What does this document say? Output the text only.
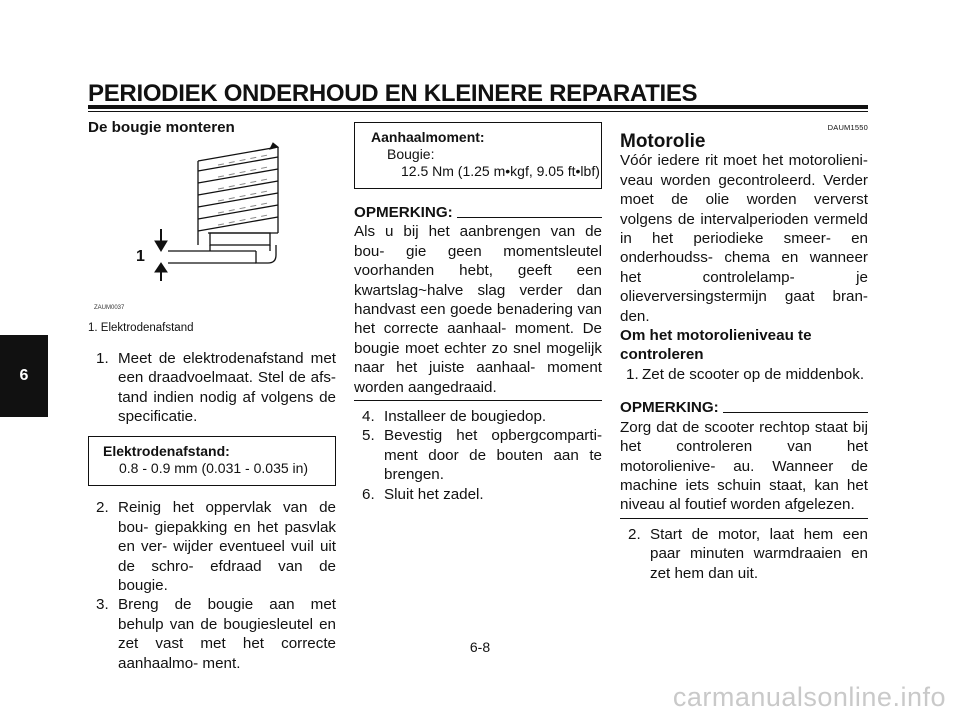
PERIODIEK ONDERHOUD EN KLEINERE REPARATIES
6
De bougie monteren
1
ZAUM0037
1. Elektrodenafstand
1. Meet de elektrodenafstand met een draadvoelmaat. Stel de afs- tand indien nodig af volgens de specificatie.
Elektrodenafstand:
0.8 - 0.9 mm (0.031 - 0.035 in)
2. Reinig het oppervlak van de bou- giepakking en het pasvlak en ver- wijder eventueel vuil uit de schro- efdraad van de bougie.
3. Breng de bougie aan met behulp van de bougiesleutel en zet vast met het correcte aanhaalmo- ment.
Aanhaalmoment:
Bougie:
12.5 Nm (1.25 m•kgf, 9.05 ft•lbf)
OPMERKING:

Als u bij het aanbrengen van de bou- gie geen momentsleutel voorhanden hebt, geeft een kwartslag~halve slag verder dan handvast een goede benadering van het correcte aanhaal- moment. De bougie moet echter zo snel mogelijk naar het juiste aanhaal- moment worden aangedraaid.

4. Installeer de bougiedop.
5. Bevestig het opbergcomparti- ment door de bouten aan te brengen.
6. Sluit het zadel.
DAUM1550
Motorolie

Vóór iedere rit moet het motorolieni- veau worden gecontroleerd. Verder moet de olie worden ververst volgens de intervalperioden vermeld in het periodieke smeer- en onderhoudss- chema en wanneer het controlelamp- je olieverversingstermijn gaat bran- den.

Om het motorolieniveau te controleren

1. Zet de scooter op de middenbok.
OPMERKING:

Zorg dat de scooter rechtop staat bij het controleren van het motorolienive- au. Wanneer de machine iets schuin staat, kan het niveau al foutief worden afgelezen.

2. Start de motor, laat hem een paar minuten warmdraaien en zet hem dan uit.

6-8

carmanualsonline.info
